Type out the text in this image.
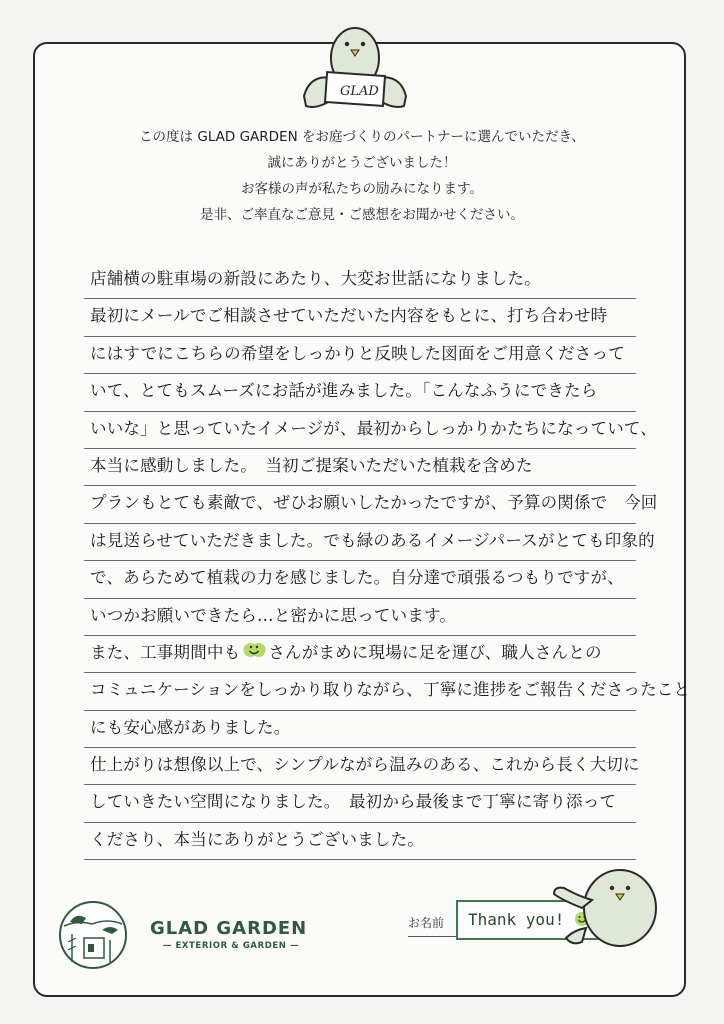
GLAD
この度は GLAD GARDEN をお庭づくりのパートナーに選んでいただき、
誠にありがとうございました！
お客様の声が私たちの励みになります。
是非、ご率直なご意見・ご感想をお聞かせください。
店舗横の駐車場の新設にあたり、大変お世話になりました。
最初にメールでご相談させていただいた内容をもとに、打ち合わせ時
にはすでにこちらの希望をしっかりと反映した図面をご用意くださって
いて、とてもスムーズにお話が進みました。「こんなふうにできたら
いいな」と思っていたイメージが、最初からしっかりかたちになっていて、
本当に感動しました。　当初ご提案いただいた植栽を含めた
プランもとても素敵で、ぜひお願いしたかったですが、予算の関係で　今回
は見送らせていただきました。でも緑のあるイメージパースがとても印象的
で、あらためて植栽の力を感じました。自分達で頑張るつもりですが、
いつかお願いできたら…と密かに思っています。
また、工事期間中も さんがまめに現場に足を運び、職人さんとの
コミュニケーションをしっかり取りながら、丁寧に進捗をご報告くださったこと
にも安心感がありました。
仕上がりは想像以上で、シンプルながら温みのある、これから長く大切に
していきたい空間になりました。　最初から最後まで丁寧に寄り添って
くださり、本当にありがとうございました。
GLAD GARDEN
— EXTERIOR & GARDEN —
お名前	Thank you!
